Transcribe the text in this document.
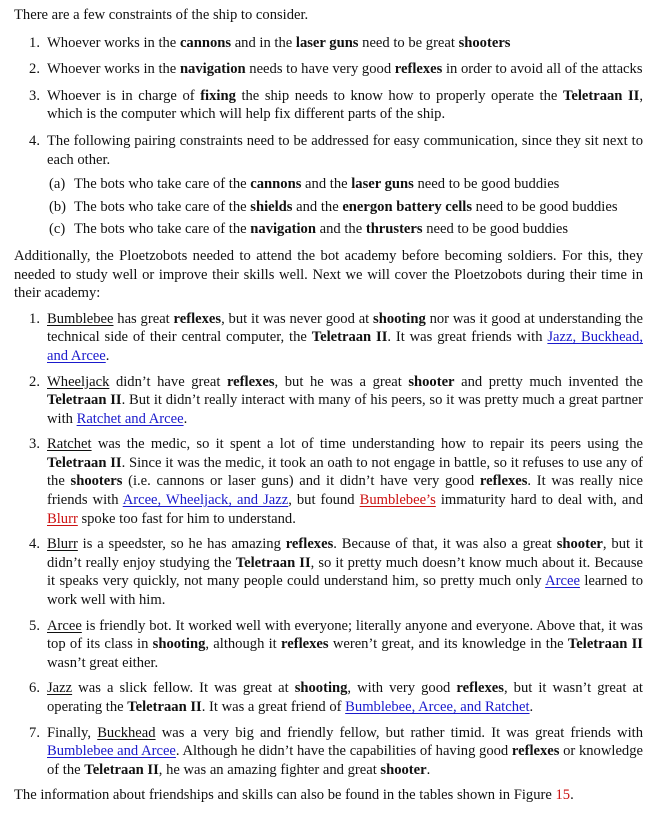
There are a few constraints of the ship to consider.

1. Whoever works in the cannons and in the laser guns need to be great shooters
2. Whoever works in the navigation needs to have very good reflexes in order to avoid all of the attacks
3. Whoever is in charge of fixing the ship needs to know how to properly operate the Teletraan II, which is the computer which will help fix different parts of the ship.
4. The following pairing constraints need to be addressed for easy communication, since they sit next to each other.
(a) The bots who take care of the cannons and the laser guns need to be good buddies
(b) The bots who take care of the shields and the energon battery cells need to be good buddies
(c) The bots who take care of the navigation and the thrusters need to be good buddies

Additionally, the Ploetzobots needed to attend the bot academy before becoming soldiers. For this, they needed to study well or improve their skills well. Next we will cover the Ploetzobots during their time in their academy:

1. Bumblebee has great reflexes, but it was never good at shooting nor was it good at understanding the technical side of their central computer, the Teletraan II. It was great friends with Jazz, Buckhead, and Arcee.
2. Wheeljack didn’t have great reflexes, but he was a great shooter and pretty much invented the Teletraan II. But it didn’t really interact with many of his peers, so it was pretty much a great partner with Ratchet and Arcee.
3. Ratchet was the medic, so it spent a lot of time understanding how to repair its peers using the Teletraan II. Since it was the medic, it took an oath to not engage in battle, so it refuses to use any of the shooters (i.e. cannons or laser guns) and it didn’t have very good reflexes. It was really nice friends with Arcee, Wheeljack, and Jazz, but found Bumblebee’s immaturity hard to deal with, and Blurr spoke too fast for him to understand.
4. Blurr is a speedster, so he has amazing reflexes. Because of that, it was also a great shooter, but it didn’t really enjoy studying the Teletraan II, so it pretty much doesn’t know much about it. Because it speaks very quickly, not many people could understand him, so pretty much only Arcee learned to work well with him.
5. Arcee is friendly bot. It worked well with everyone; literally anyone and everyone. Above that, it was top of its class in shooting, although it reflexes weren’t great, and its knowledge in the Teletraan II wasn’t great either.
6. Jazz was a slick fellow. It was great at shooting, with very good reflexes, but it wasn’t great at operating the Teletraan II. It was a great friend of Bumblebee, Arcee, and Ratchet.
7. Finally, Buckhead was a very big and friendly fellow, but rather timid. It was great friends with Bumblebee and Arcee. Although he didn’t have the capabilities of having good reflexes or knowledge of the Teletraan II, he was an amazing fighter and great shooter.

The information about friendships and skills can also be found in the tables shown in Figure 15.
